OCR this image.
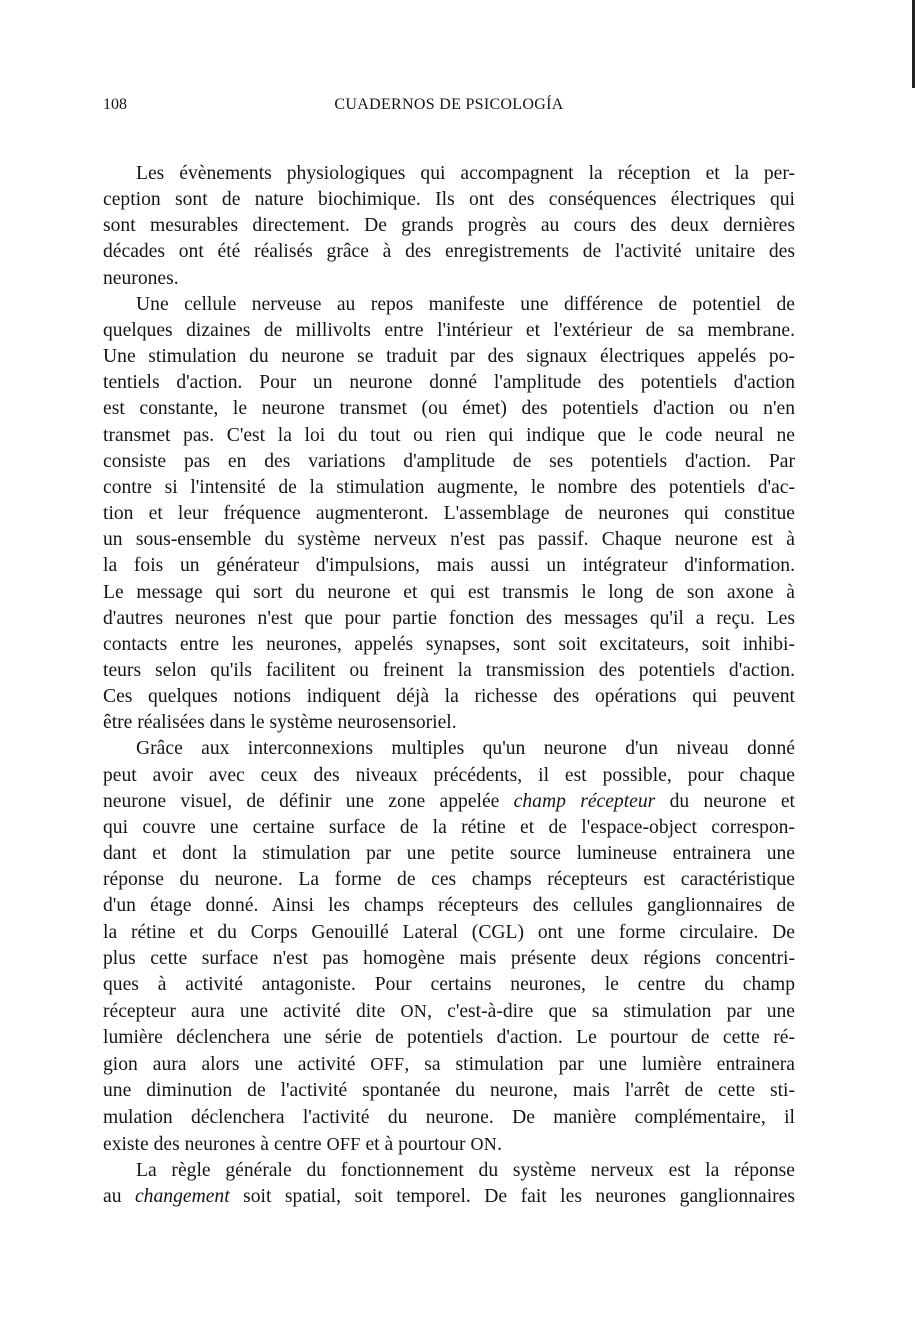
108	CUADERNOS DE PSICOLOGÍA
Les évènements physiologiques qui accompagnent la réception et la per-
ception sont de nature biochimique. Ils ont des conséquences électriques qui
sont mesurables directement. De grands progrès au cours des deux dernières
décades ont été réalisés grâce à des enregistrements de l'activité unitaire des
neurones.
Une cellule nerveuse au repos manifeste une différence de potentiel de
quelques dizaines de millivolts entre l'intérieur et l'extérieur de sa membrane.
Une stimulation du neurone se traduit par des signaux électriques appelés po-
tentiels d'action. Pour un neurone donné l'amplitude des potentiels d'action
est constante, le neurone transmet (ou émet) des potentiels d'action ou n'en
transmet pas. C'est la loi du tout ou rien qui indique que le code neural ne
consiste pas en des variations d'amplitude de ses potentiels d'action. Par
contre si l'intensité de la stimulation augmente, le nombre des potentiels d'ac-
tion et leur fréquence augmenteront. L'assemblage de neurones qui constitue
un sous-ensemble du système nerveux n'est pas passif. Chaque neurone est à
la fois un générateur d'impulsions, mais aussi un intégrateur d'information.
Le message qui sort du neurone et qui est transmis le long de son axone à
d'autres neurones n'est que pour partie fonction des messages qu'il a reçu. Les
contacts entre les neurones, appelés synapses, sont soit excitateurs, soit inhibi-
teurs selon qu'ils facilitent ou freinent la transmission des potentiels d'action.
Ces quelques notions indiquent déjà la richesse des opérations qui peuvent
être réalisées dans le système neurosensoriel.
Grâce aux interconnexions multiples qu'un neurone d'un niveau donné
peut avoir avec ceux des niveaux précédents, il est possible, pour chaque
neurone visuel, de définir une zone appelée champ récepteur du neurone et
qui couvre une certaine surface de la rétine et de l'espace-object correspon-
dant et dont la stimulation par une petite source lumineuse entrainera une
réponse du neurone. La forme de ces champs récepteurs est caractéristique
d'un étage donné. Ainsi les champs récepteurs des cellules ganglionnaires de
la rétine et du Corps Genouillé Lateral (CGL) ont une forme circulaire. De
plus cette surface n'est pas homogène mais présente deux régions concentri-
ques à activité antagoniste. Pour certains neurones, le centre du champ
récepteur aura une activité dite ON, c'est-à-dire que sa stimulation par une
lumière déclenchera une série de potentiels d'action. Le pourtour de cette ré-
gion aura alors une activité OFF, sa stimulation par une lumière entrainera
une diminution de l'activité spontanée du neurone, mais l'arrêt de cette sti-
mulation déclenchera l'activité du neurone. De manière complémentaire, il
existe des neurones à centre OFF et à pourtour ON.
La règle générale du fonctionnement du système nerveux est la réponse
au changement soit spatial, soit temporel. De fait les neurones ganglionnaires
